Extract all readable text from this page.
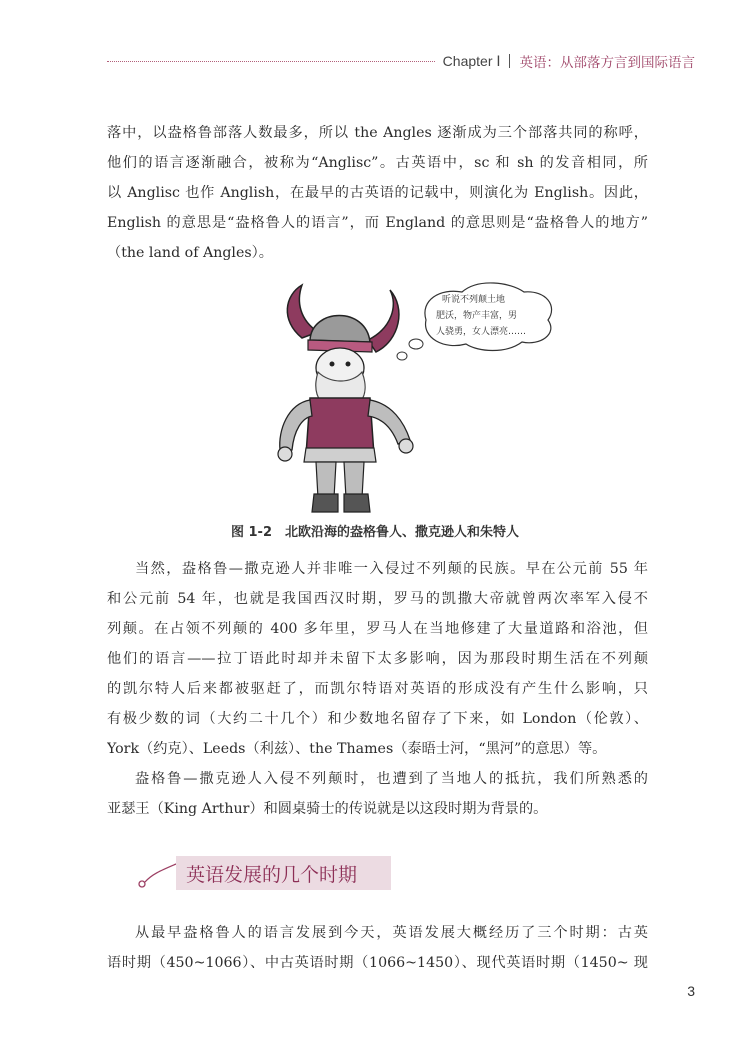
Chapter Ⅰ 英语：从部落方言到国际语言
落中，以盎格鲁部落人数最多，所以 the Angles 逐渐成为三个部落共同的称呼，
他们的语言逐渐融合，被称为“Anglisc”。古英语中，sc 和 sh 的发音相同，所
以 Anglisc 也作 Anglish，在最早的古英语的记载中，则演化为 English。因此，
English 的意思是“盎格鲁人的语言”，而 England 的意思则是“盎格鲁人的地方”
（the land of Angles）。
听说不列颠土地
肥沃，物产丰富，男
人骁勇，女人漂亮……
图 1-2　北欧沿海的盎格鲁人、撒克逊人和朱特人
当然，盎格鲁—撒克逊人并非唯一入侵过不列颠的民族。早在公元前 55 年
和公元前 54 年，也就是我国西汉时期，罗马的凯撒大帝就曾两次率军入侵不
列颠。在占领不列颠的 400 多年里，罗马人在当地修建了大量道路和浴池，但
他们的语言——拉丁语此时却并未留下太多影响，因为那段时期生活在不列颠
的凯尔特人后来都被驱赶了，而凯尔特语对英语的形成没有产生什么影响，只
有极少数的词（大约二十几个）和少数地名留存了下来，如 London（伦敦）、
York（约克）、Leeds（利兹）、the Thames（泰晤士河，“黑河”的意思）等。
盎格鲁—撒克逊人入侵不列颠时，也遭到了当地人的抵抗，我们所熟悉的
亚瑟王（King Arthur）和圆桌骑士的传说就是以这段时期为背景的。
英语发展的几个时期
从最早盎格鲁人的语言发展到今天，英语发展大概经历了三个时期：古英
语时期（450~1066）、中古英语时期（1066~1450）、现代英语时期（1450~ 现
3
